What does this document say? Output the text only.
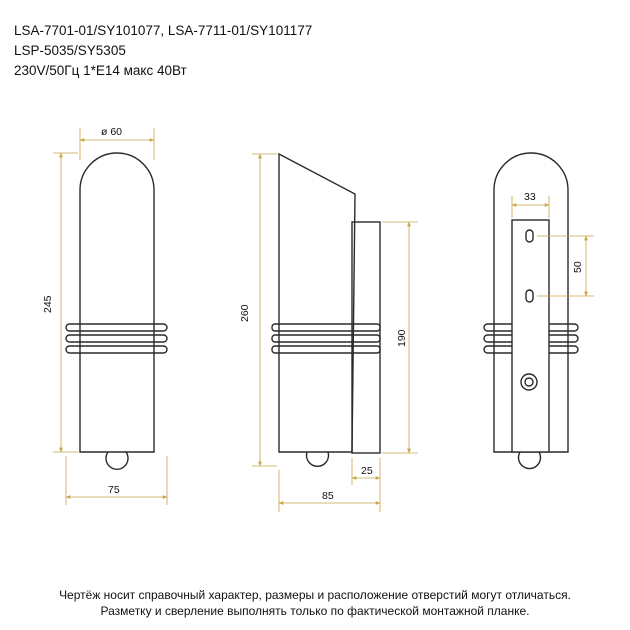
LSA-7701-01/SY101077, LSA-7711-01/SY101177
LSP-5035/SY5305
230V/50Гц 1*E14 макс 40Вт
ø 60
245
75
260
190
25
85
33
50
Чертёж носит справочный характер, размеры и расположение отверстий могут отличаться.
Разметку и сверление выполнять только по фактической монтажной планке.
